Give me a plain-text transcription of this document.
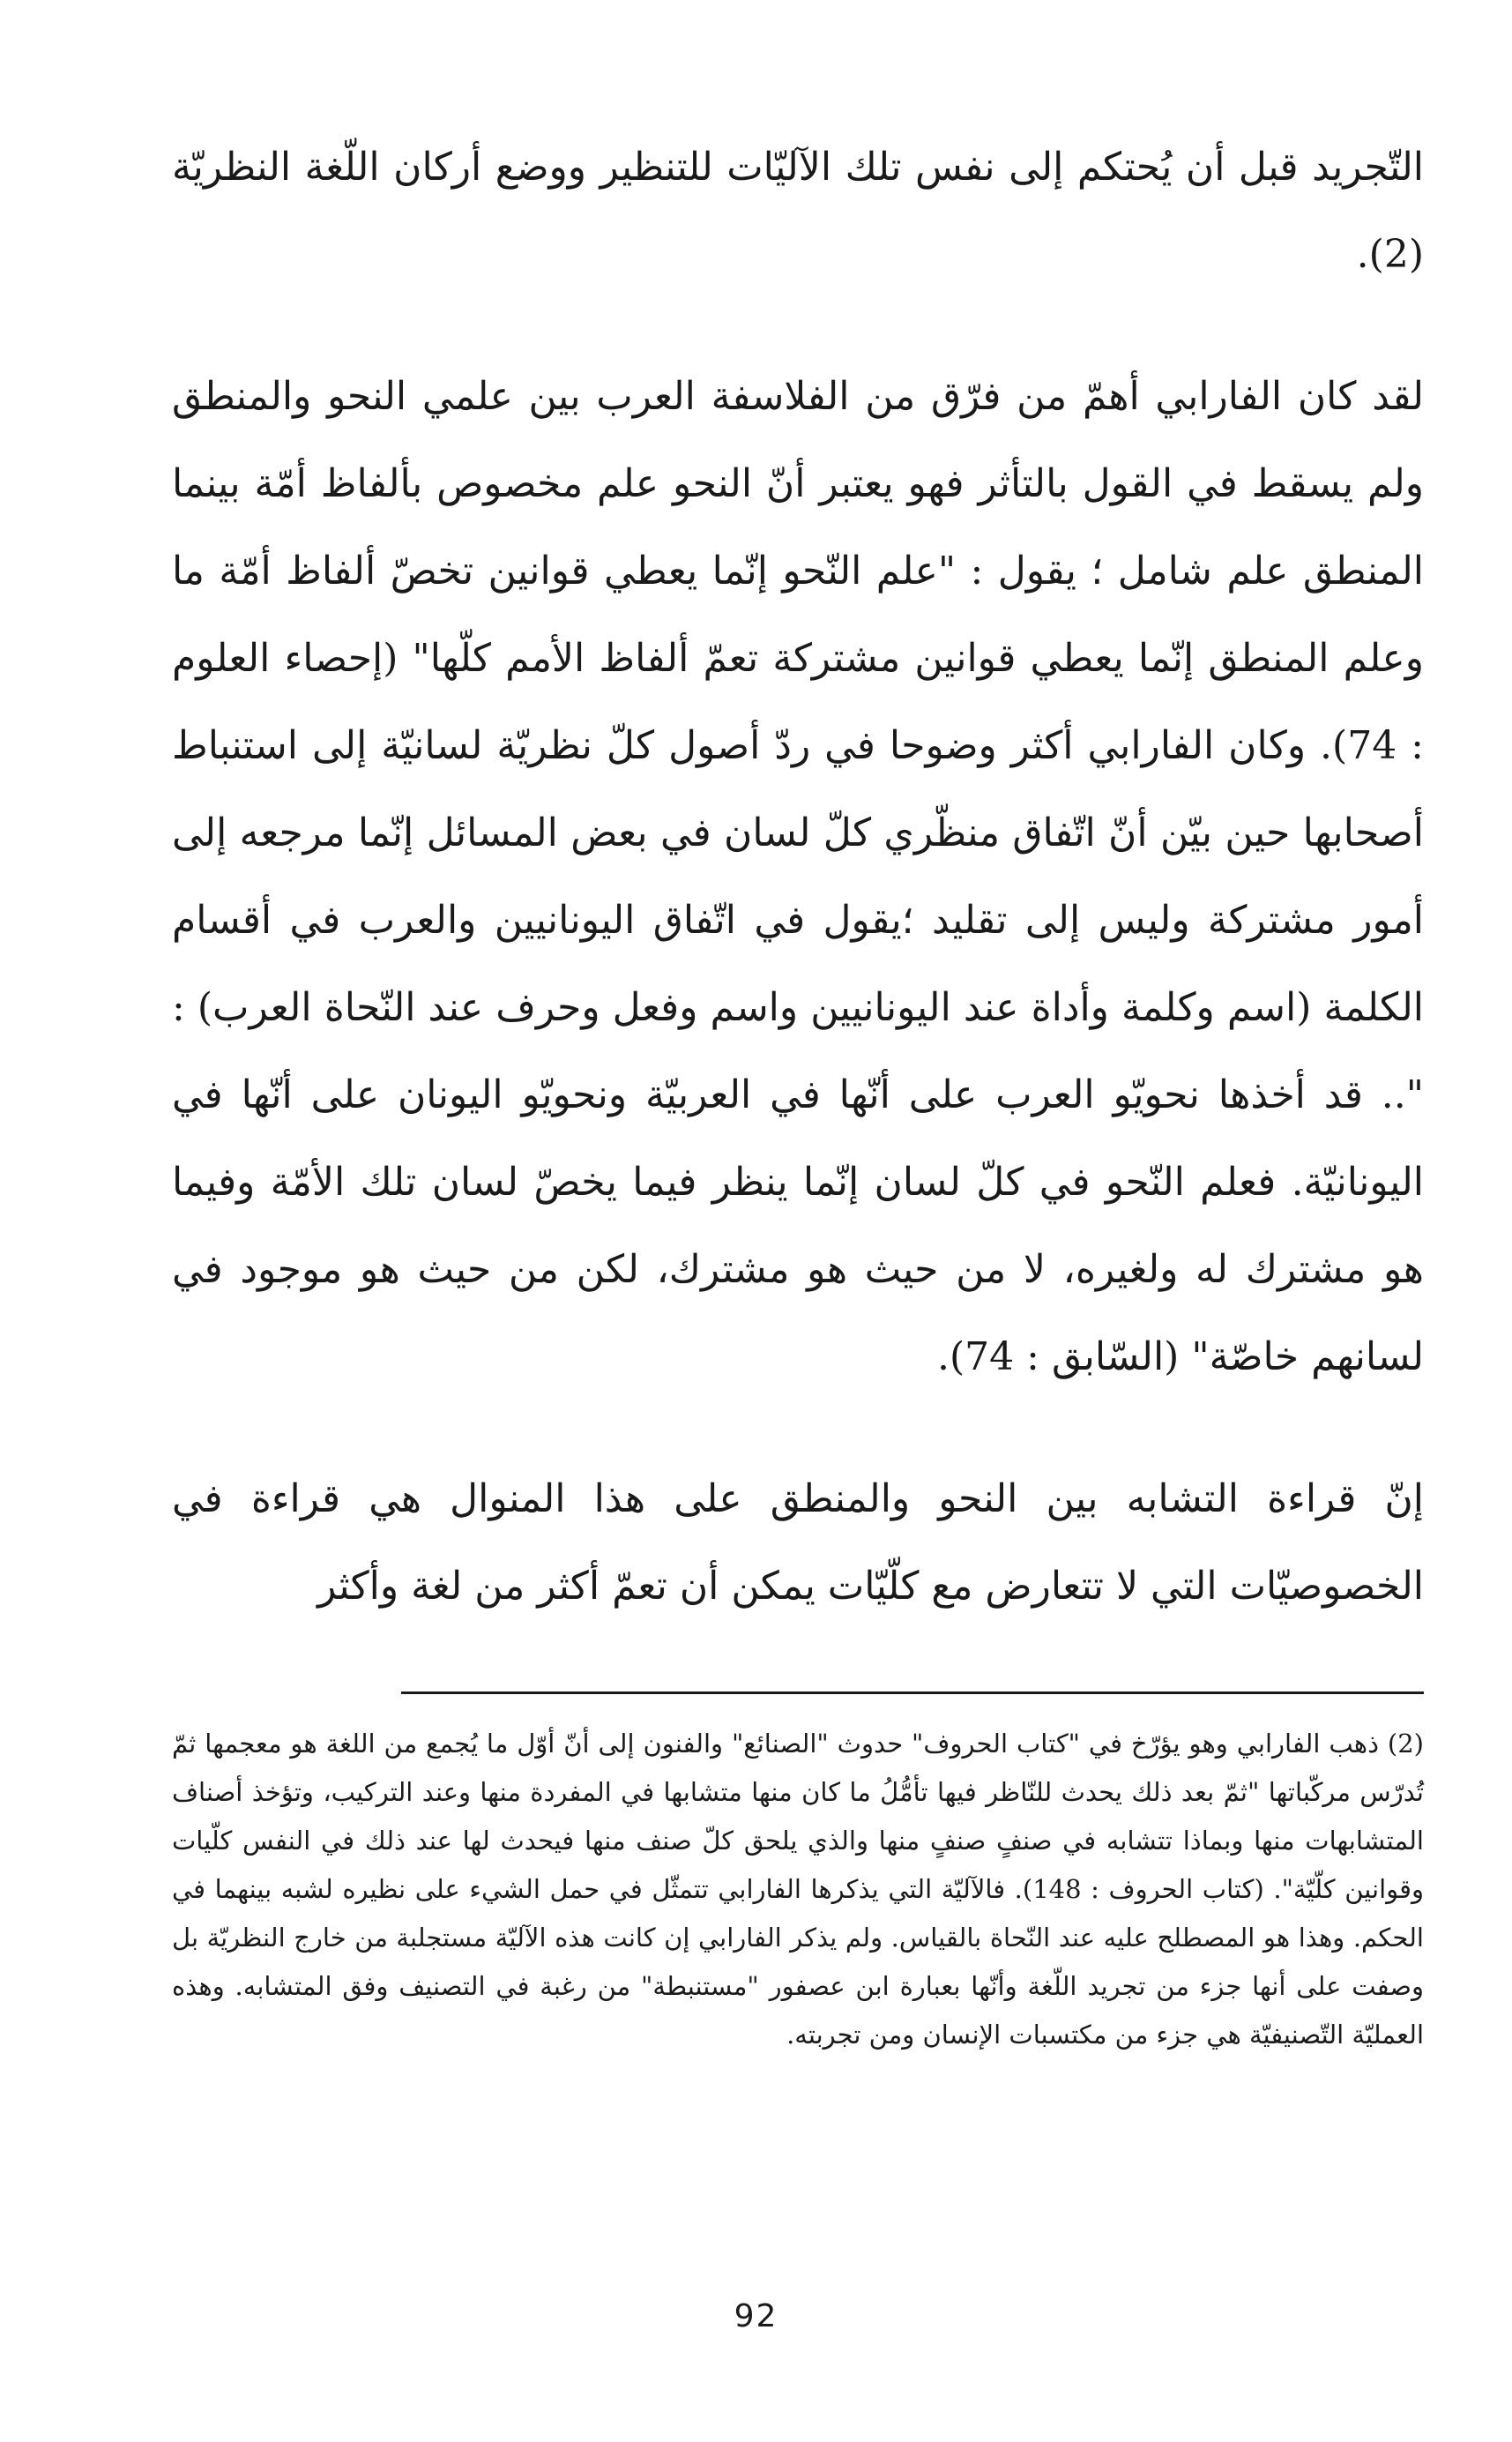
التّجريد قبل أن يُحتكم إلى نفس تلك الآليّات للتنظير ووضع أركان اللّغة النظريّة (2).

لقد كان الفارابي أهمّ من فرّق من الفلاسفة العرب بين علمي النحو والمنطق ولم يسقط في القول بالتأثر فهو يعتبر أنّ النحو علم مخصوص بألفاظ أمّة بينما المنطق علم شامل ؛ يقول : "علم النّحو إنّما يعطي قوانين تخصّ ألفاظ أمّة ما وعلم المنطق إنّما يعطي قوانين مشتركة تعمّ ألفاظ الأمم كلّها" (إحصاء العلوم : 74). وكان الفارابي أكثر وضوحا في ردّ أصول كلّ نظريّة لسانيّة إلى استنباط أصحابها حين بيّن أنّ اتّفاق منظّري كلّ لسان في بعض المسائل إنّما مرجعه إلى أمور مشتركة وليس إلى تقليد ؛يقول في اتّفاق اليونانيين والعرب في أقسام الكلمة (اسم وكلمة وأداة عند اليونانيين واسم وفعل وحرف عند النّحاة العرب) : ".. قد أخذها نحويّو العرب على أنّها في العربيّة ونحويّو اليونان على أنّها في اليونانيّة. فعلم النّحو في كلّ لسان إنّما ينظر فيما يخصّ لسان تلك الأمّة وفيما هو مشترك له ولغيره، لا من حيث هو مشترك، لكن من حيث هو موجود في لسانهم خاصّة" (السّابق : 74).

إنّ قراءة التشابه بين النحو والمنطق على هذا المنوال هي قراءة في الخصوصيّات التي لا تتعارض مع كلّيّات يمكن أن تعمّ أكثر من لغة وأكثر

(2) ذهب الفارابي وهو يؤرّخ في "كتاب الحروف" حدوث "الصنائع" والفنون إلى أنّ أوّل ما يُجمع من اللغة هو معجمها ثمّ تُدرّس مركّباتها "ثمّ بعد ذلك يحدث للنّاظر فيها تأمُّلُ ما كان منها متشابها في المفردة منها وعند التركيب، وتؤخذ أصناف المتشابهات منها وبماذا تتشابه في صنفٍ صنفٍ منها والذي يلحق كلّ صنف منها فيحدث لها عند ذلك في النفس كلّيات وقوانين كلّيّة". (كتاب الحروف : 148). فالآليّة التي يذكرها الفارابي تتمثّل في حمل الشيء على نظيره لشبه بينهما في الحكم. وهذا هو المصطلح عليه عند النّحاة بالقياس. ولم يذكر الفارابي إن كانت هذه الآليّة مستجلبة من خارج النظريّة بل وصفت على أنها جزء من تجريد اللّغة وأنّها بعبارة ابن عصفور "مستنبطة" من رغبة في التصنيف وفق المتشابه. وهذه العمليّة التّصنيفيّة هي جزء من مكتسبات الإنسان ومن تجربته.

92
